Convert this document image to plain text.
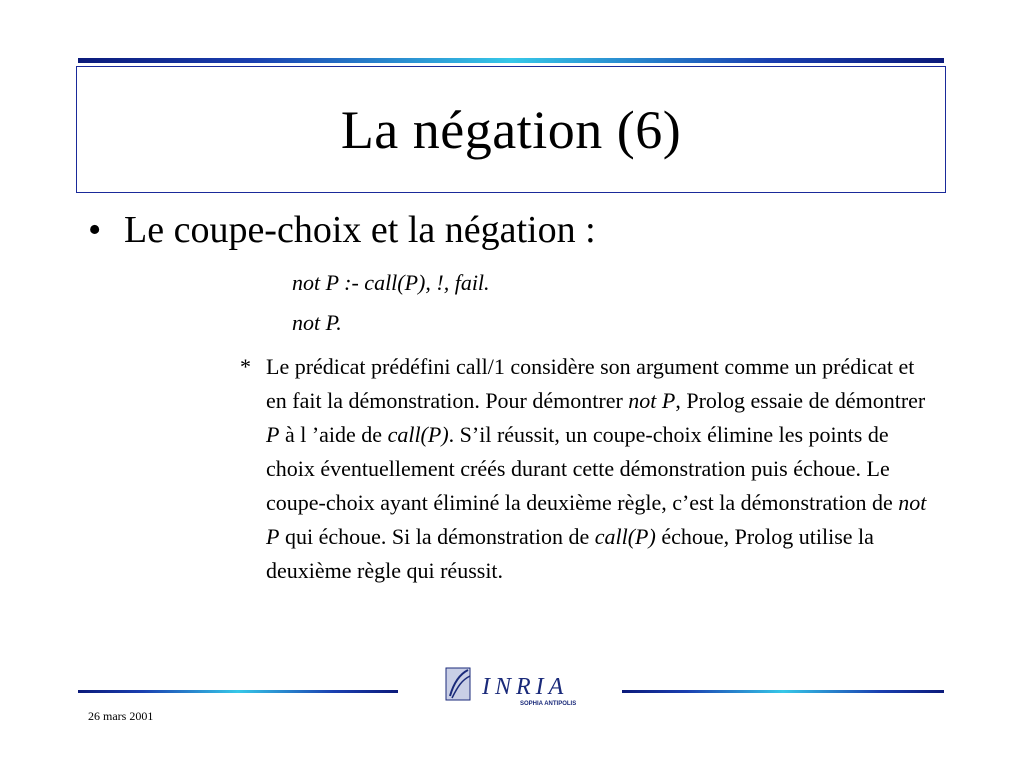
La négation (6)
• Le coupe-choix et la négation :
not P :- call(P), !, fail.
not P.
* Le prédicat prédéfini call/1 considère son argument comme un prédicat et en fait la démonstration. Pour démontrer not P, Prolog essaie de démontrer P à l ’aide de call(P). S’il réussit, un coupe-choix élimine les points de choix éventuellement créés durant cette démonstration puis échoue. Le coupe-choix ayant éliminé la deuxième règle, c’est la démonstration de not P qui échoue. Si la démonstration de call(P) échoue, Prolog utilise la deuxième règle qui réussit.

INRIA
SOPHIA ANTIPOLIS
26 mars 2001
